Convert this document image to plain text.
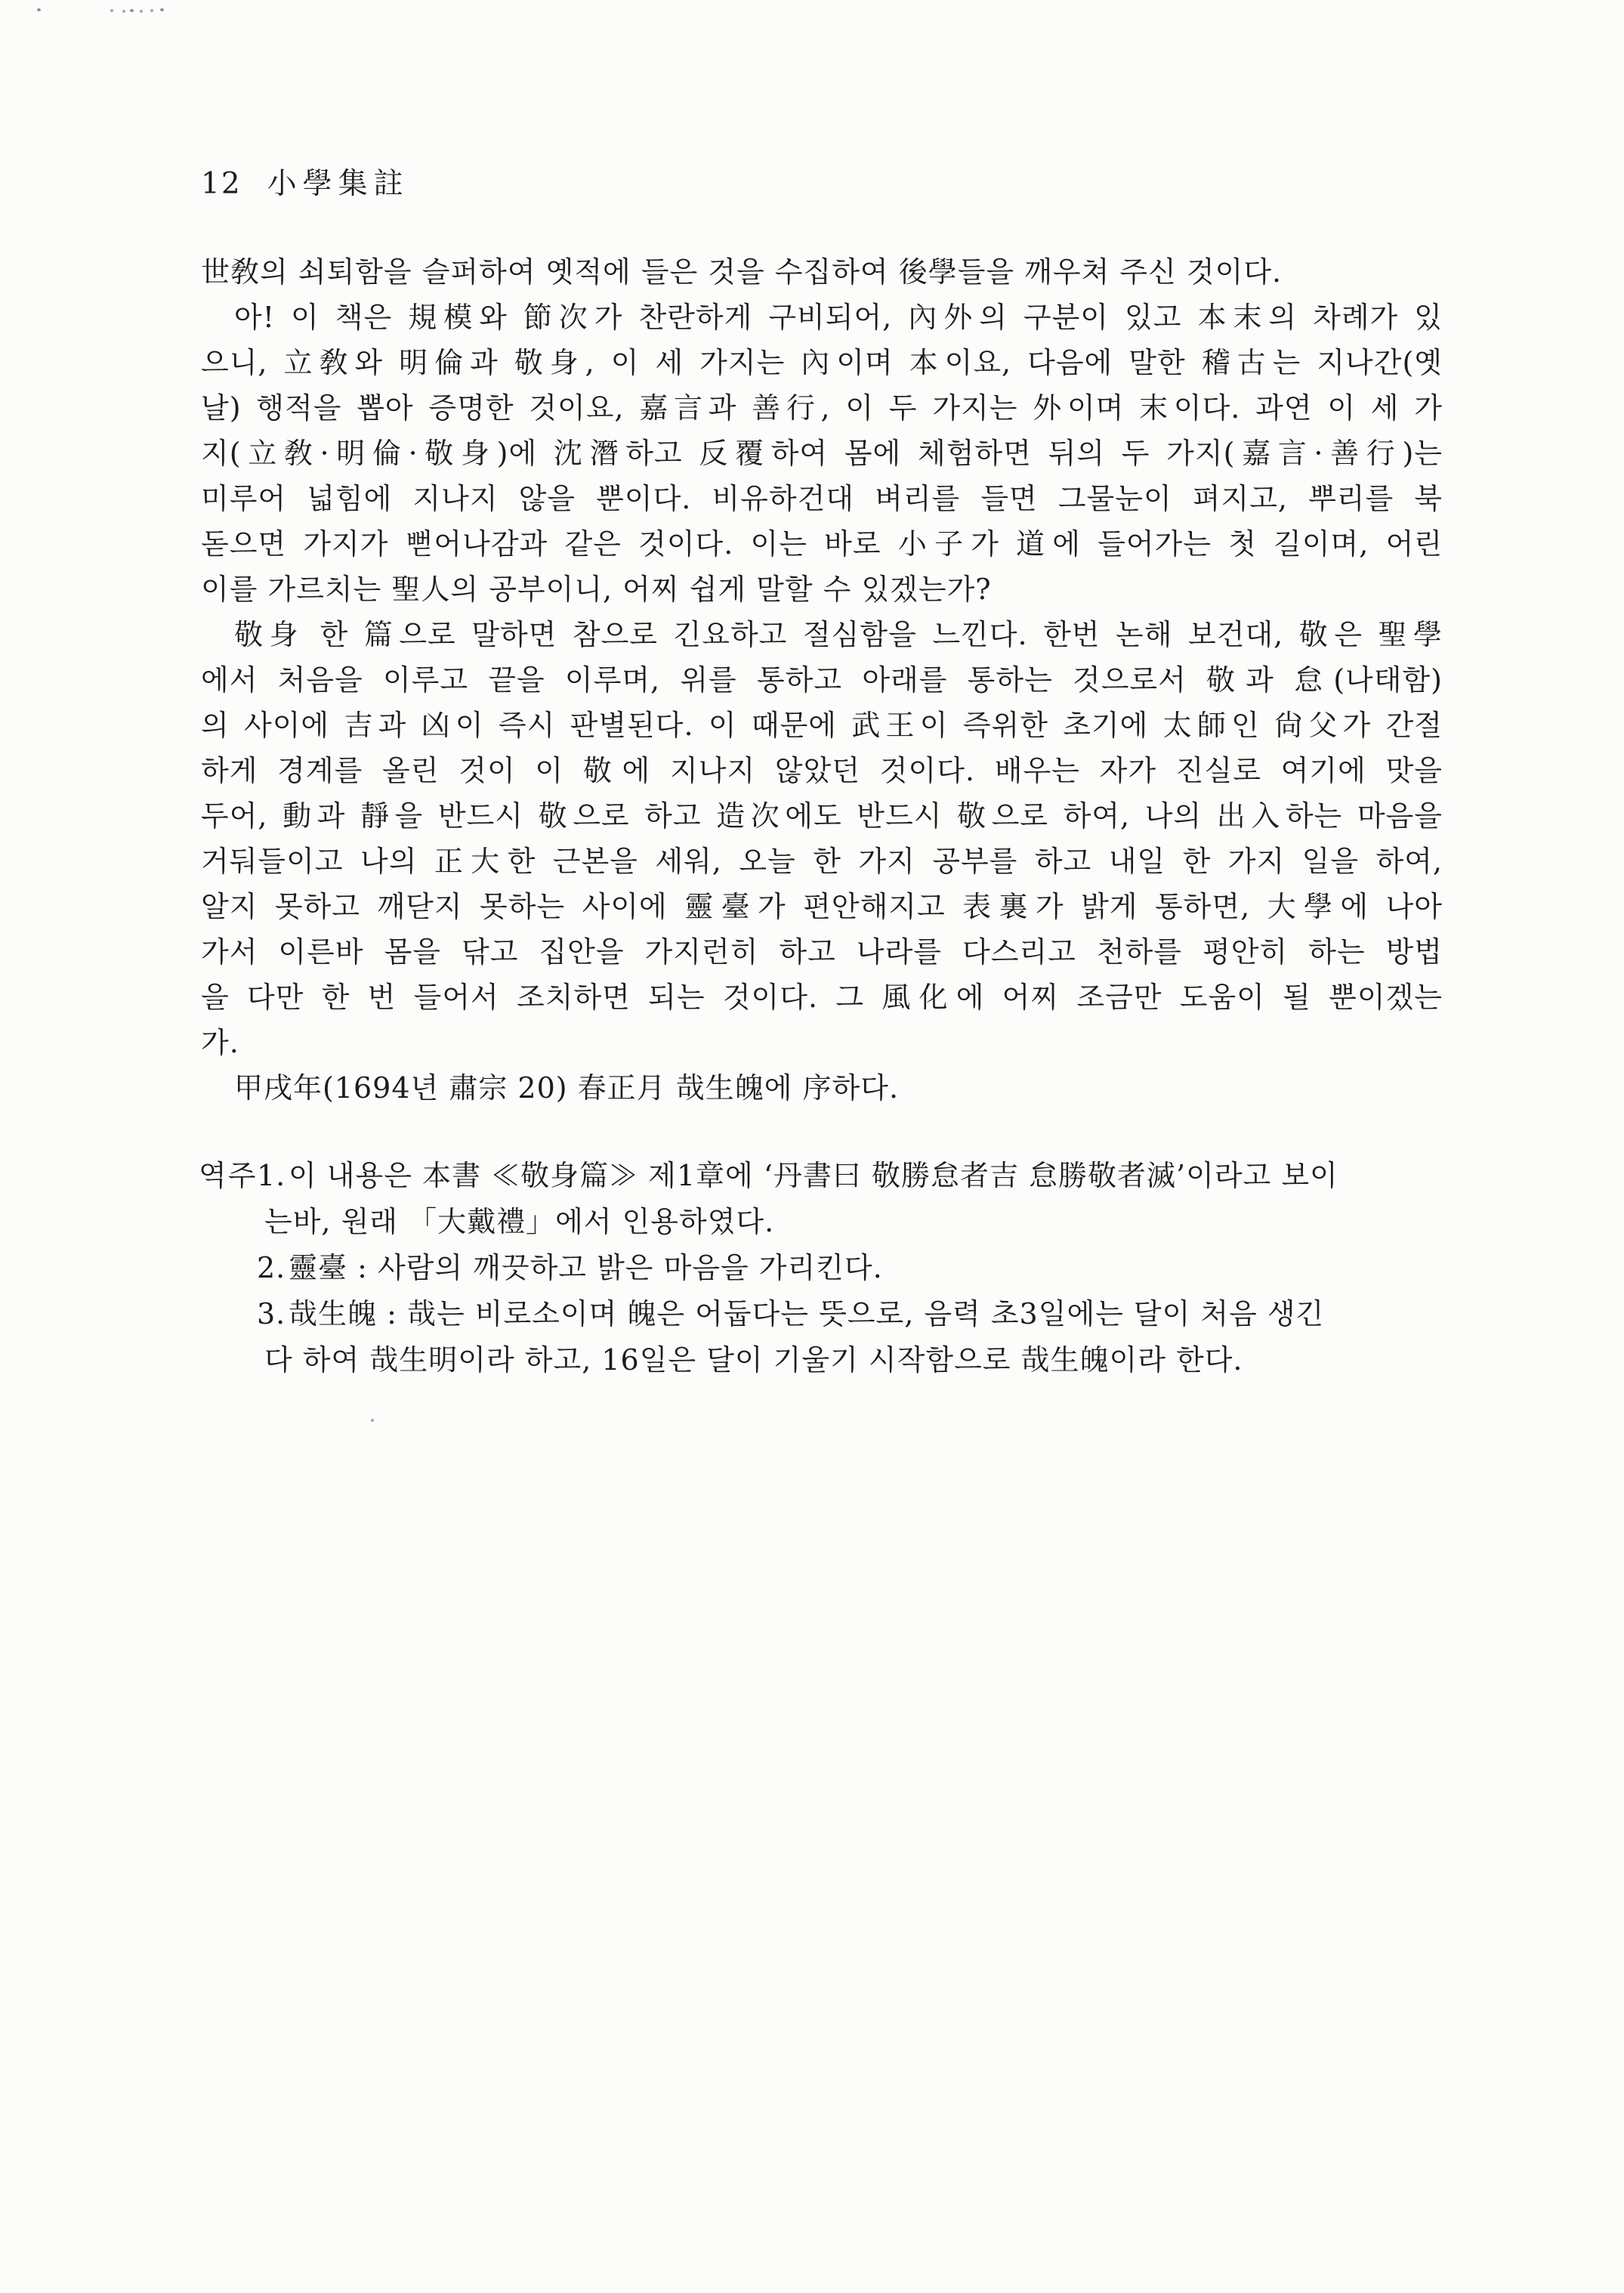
12 小學集註
世敎의 쇠퇴함을 슬퍼하여 옛적에 들은 것을 수집하여 後學들을 깨우쳐 주신 것이다.
아! 이 책은 規模와 節次가 찬란하게 구비되어, 內外의 구분이 있고 本末의 차례가 있
으니, 立敎와 明倫과 敬身, 이 세 가지는 內이며 本이요, 다음에 말한 稽古는 지나간(옛
날) 행적을 뽑아 증명한 것이요, 嘉言과 善行, 이 두 가지는 外이며 末이다. 과연 이 세 가
지(立敎·明倫·敬身)에 沈潛하고 反覆하여 몸에 체험하면 뒤의 두 가지(嘉言·善行)는
미루어 넓힘에 지나지 않을 뿐이다. 비유하건대 벼리를 들면 그물눈이 펴지고, 뿌리를 북
돋으면 가지가 뻗어나감과 같은 것이다. 이는 바로 小子가 道에 들어가는 첫 길이며, 어린
이를 가르치는 聖人의 공부이니, 어찌 쉽게 말할 수 있겠는가?
敬身 한 篇으로 말하면 참으로 긴요하고 절심함을 느낀다. 한번 논해 보건대, 敬은 聖學
에서 처음을 이루고 끝을 이루며, 위를 통하고 아래를 통하는 것으로서 敬과 怠(나태함)
의 사이에 吉과 凶이 즉시 판별된다. 이 때문에 武王이 즉위한 초기에 太師인 尙父가 간절
하게 경계를 올린 것이 이 敬에 지나지 않았던 것이다. 배우는 자가 진실로 여기에 맛을
두어, 動과 靜을 반드시 敬으로 하고 造次에도 반드시 敬으로 하여, 나의 出入하는 마음을
거둬들이고 나의 正大한 근본을 세워, 오늘 한 가지 공부를 하고 내일 한 가지 일을 하여,
알지 못하고 깨닫지 못하는 사이에 靈臺가 편안해지고 表裏가 밝게 통하면, 大學에 나아
가서 이른바 몸을 닦고 집안을 가지런히 하고 나라를 다스리고 천하를 평안히 하는 방법
을 다만 한 번 들어서 조치하면 되는 것이다. 그 風化에 어찌 조금만 도움이 될 뿐이겠는
가.
甲戌年(1694년 肅宗 20) 春正月 哉生魄에 序하다.
역주 1.이 내용은 本書 ≪敬身篇≫ 제1章에 ‘丹書曰 敬勝怠者吉 怠勝敬者滅’이라고 보이
는바, 원래 「大戴禮」에서 인용하였다.
2.靈臺 : 사람의 깨끗하고 밝은 마음을 가리킨다.
3.哉生魄 : 哉는 비로소이며 魄은 어둡다는 뜻으로, 음력 초3일에는 달이 처음 생긴
다 하여 哉生明이라 하고, 16일은 달이 기울기 시작함으로 哉生魄이라 한다.
